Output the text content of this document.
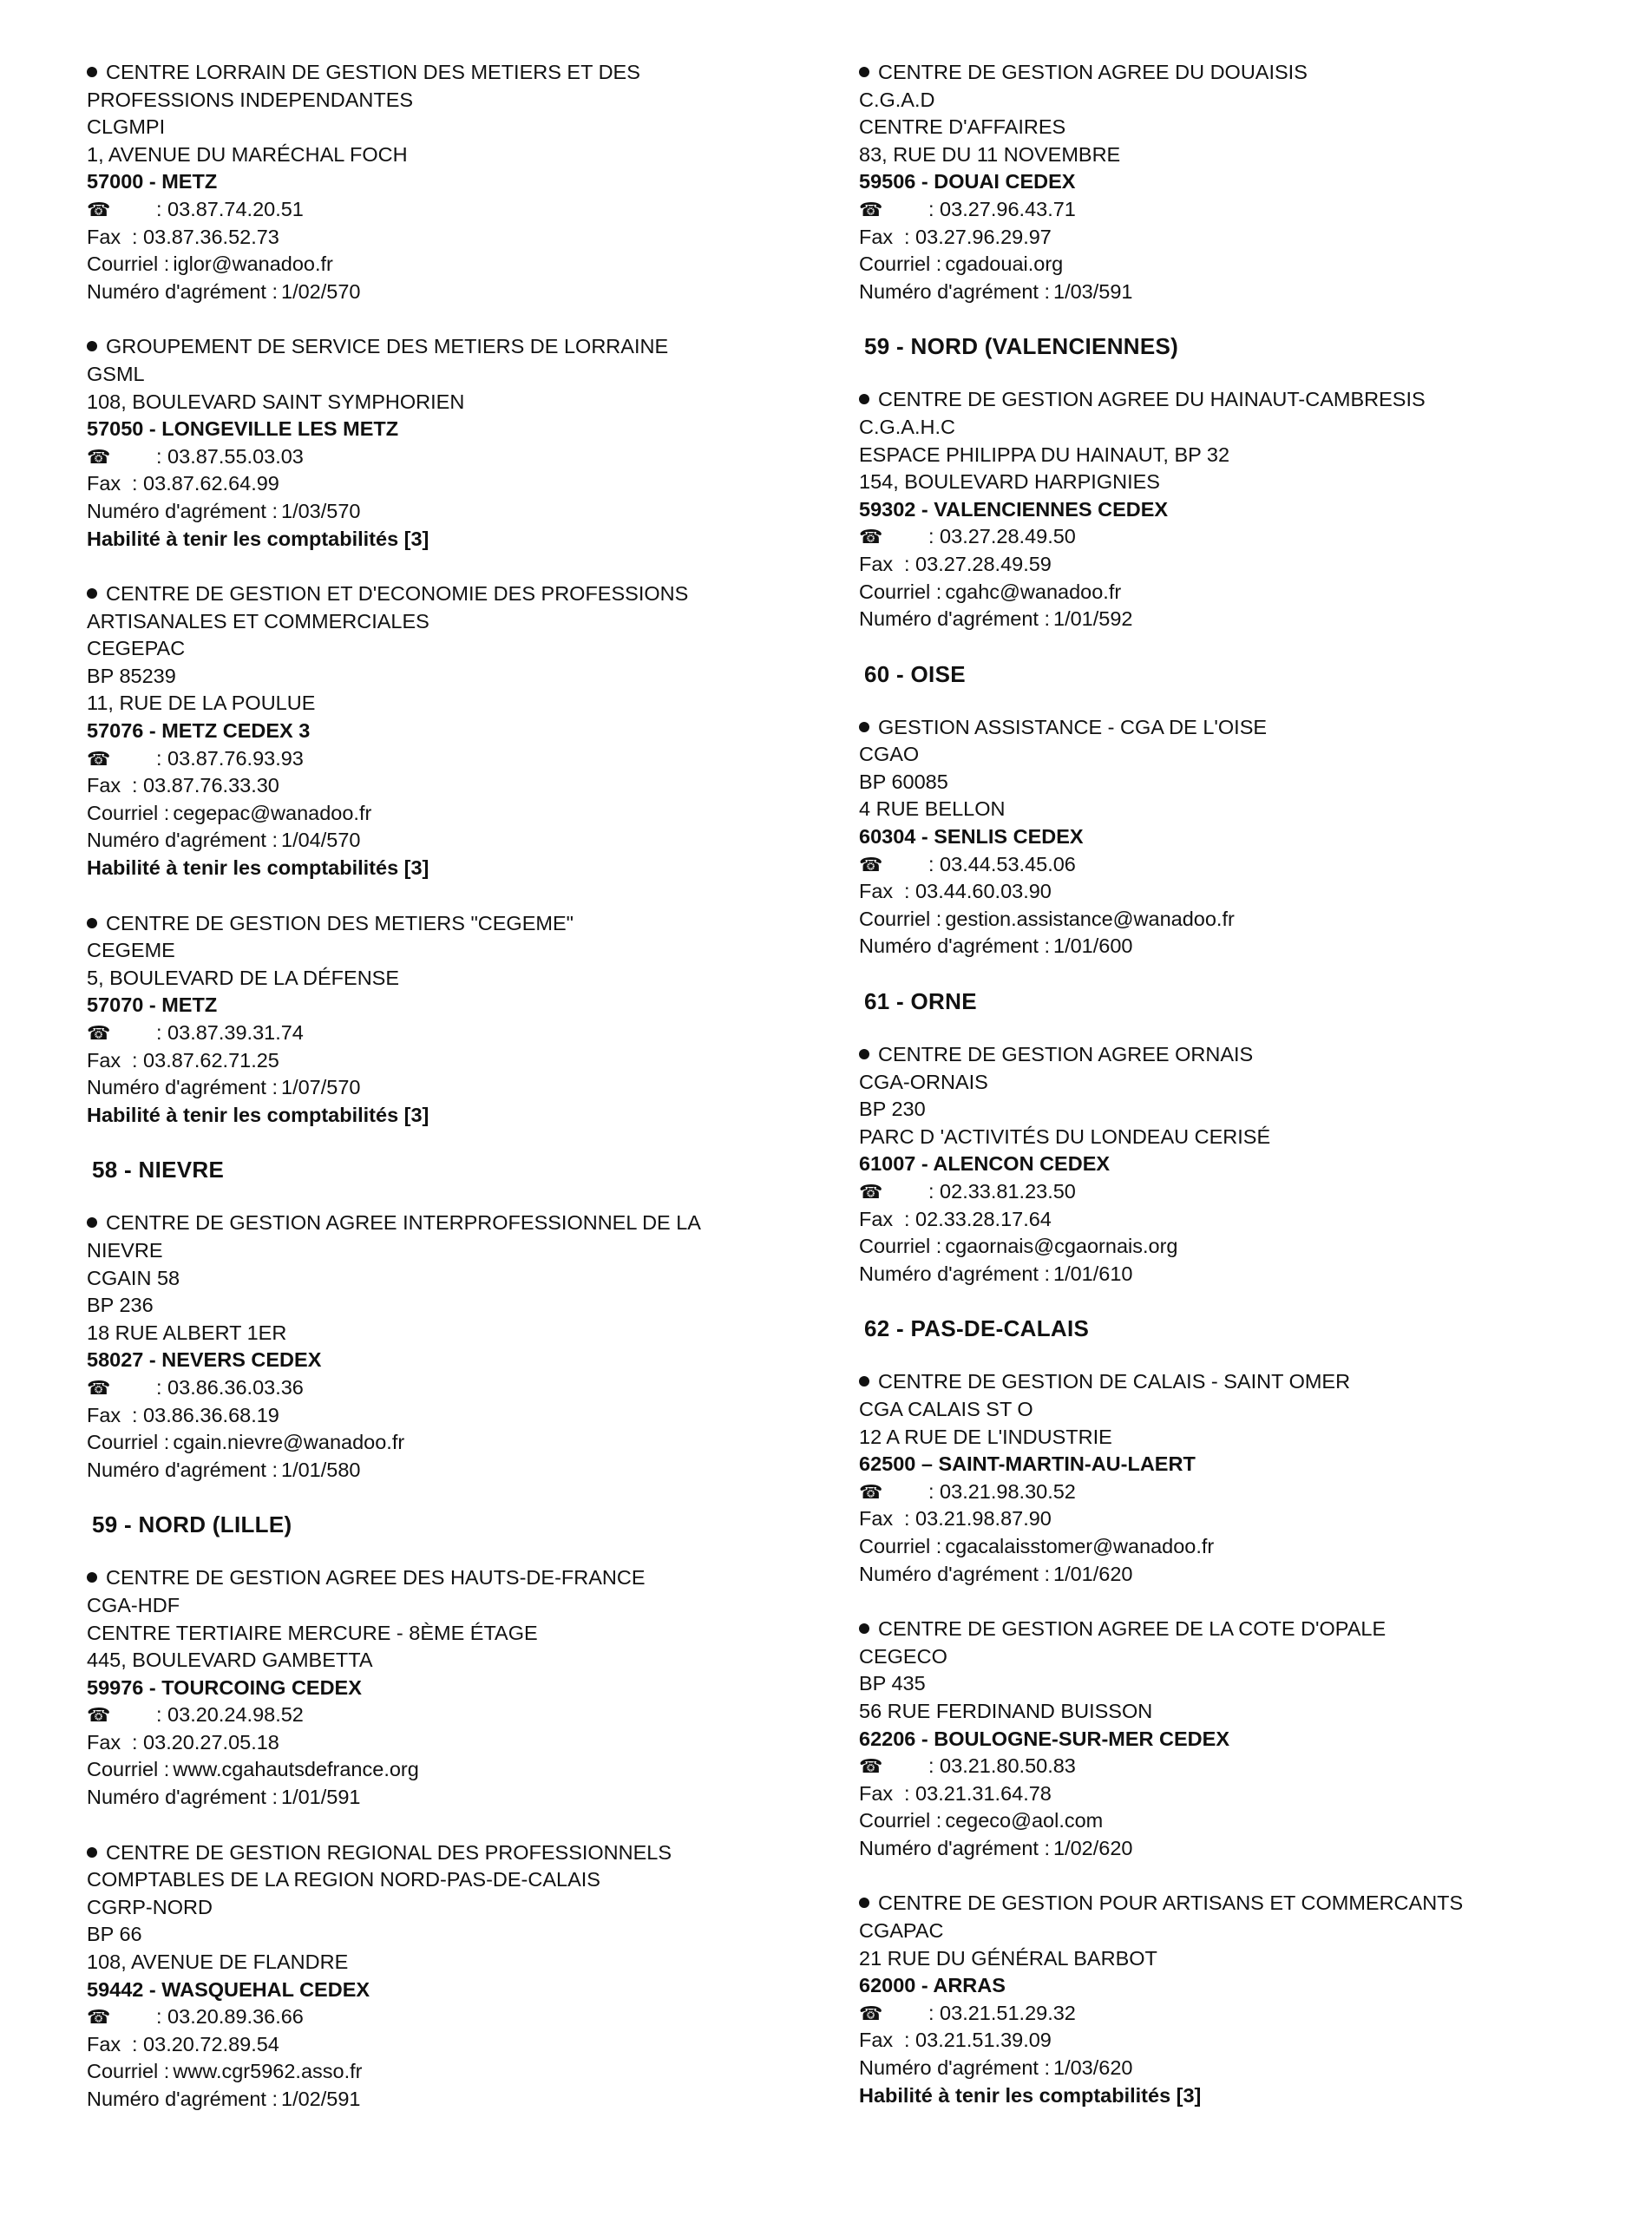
CENTRE LORRAIN DE GESTION DES METIERS ET DES
PROFESSIONS INDEPENDANTES
CLGMPI
1, AVENUE DU MARÉCHAL FOCH
57000 - METZ
☎ : 03.87.74.20.51
Fax : 03.87.36.52.73
Courriel : iglor@wanadoo.fr
Numéro d'agrément : 1/02/570
GROUPEMENT DE SERVICE DES METIERS DE LORRAINE
GSML
108, BOULEVARD SAINT SYMPHORIEN
57050 - LONGEVILLE LES METZ
☎ : 03.87.55.03.03
Fax : 03.87.62.64.99
Numéro d'agrément : 1/03/570
Habilité à tenir les comptabilités [3]
CENTRE DE GESTION ET D'ECONOMIE DES PROFESSIONS
ARTISANALES ET COMMERCIALES
CEGEPAC
BP 85239
11, RUE DE LA POULUE
57076 - METZ CEDEX 3
☎ : 03.87.76.93.93
Fax : 03.87.76.33.30
Courriel : cegepac@wanadoo.fr
Numéro d'agrément : 1/04/570
Habilité à tenir les comptabilités [3]
CENTRE DE GESTION DES METIERS "CEGEME"
CEGEME
5, BOULEVARD DE LA DÉFENSE
57070 - METZ
☎ : 03.87.39.31.74
Fax : 03.87.62.71.25
Numéro d'agrément : 1/07/570
Habilité à tenir les comptabilités [3]
58 - NIEVRE
CENTRE DE GESTION AGREE INTERPROFESSIONNEL DE LA
NIEVRE
CGAIN 58
BP 236
18 RUE ALBERT 1ER
58027 - NEVERS CEDEX
☎ : 03.86.36.03.36
Fax : 03.86.36.68.19
Courriel : cgain.nievre@wanadoo.fr
Numéro d'agrément : 1/01/580
59 - NORD (LILLE)
CENTRE DE GESTION AGREE DES HAUTS-DE-FRANCE
CGA-HDF
CENTRE TERTIAIRE MERCURE - 8ÈME ÉTAGE
445, BOULEVARD GAMBETTA
59976 - TOURCOING CEDEX
☎ : 03.20.24.98.52
Fax : 03.20.27.05.18
Courriel : www.cgahautsdefrance.org
Numéro d'agrément : 1/01/591
CENTRE DE GESTION REGIONAL DES PROFESSIONNELS
COMPTABLES DE LA REGION NORD-PAS-DE-CALAIS
CGRP-NORD
BP 66
108, AVENUE DE FLANDRE
59442 - WASQUEHAL CEDEX
☎ : 03.20.89.36.66
Fax : 03.20.72.89.54
Courriel : www.cgr5962.asso.fr
Numéro d'agrément : 1/02/591
CENTRE DE GESTION AGREE DU DOUAISIS
C.G.A.D
CENTRE D'AFFAIRES
83, RUE DU 11 NOVEMBRE
59506 - DOUAI CEDEX
☎ : 03.27.96.43.71
Fax : 03.27.96.29.97
Courriel : cgadouai.org
Numéro d'agrément : 1/03/591
59 - NORD (VALENCIENNES)
CENTRE DE GESTION AGREE DU HAINAUT-CAMBRESIS
C.G.A.H.C
ESPACE PHILIPPA DU HAINAUT, BP 32
154, BOULEVARD HARPIGNIES
59302 - VALENCIENNES CEDEX
☎ : 03.27.28.49.50
Fax : 03.27.28.49.59
Courriel : cgahc@wanadoo.fr
Numéro d'agrément : 1/01/592
60 - OISE
GESTION ASSISTANCE - CGA DE L'OISE
CGAO
BP 60085
4 RUE BELLON
60304 - SENLIS CEDEX
☎ : 03.44.53.45.06
Fax : 03.44.60.03.90
Courriel : gestion.assistance@wanadoo.fr
Numéro d'agrément : 1/01/600
61 - ORNE
CENTRE DE GESTION AGREE ORNAIS
CGA-ORNAIS
BP 230
PARC D 'ACTIVITÉS DU LONDEAU CERISÉ
61007 - ALENCON CEDEX
☎ : 02.33.81.23.50
Fax : 02.33.28.17.64
Courriel : cgaornais@cgaornais.org
Numéro d'agrément : 1/01/610
62 - PAS-DE-CALAIS
CENTRE DE GESTION DE CALAIS - SAINT OMER
CGA CALAIS ST O
12 A RUE DE L'INDUSTRIE
62500 – SAINT-MARTIN-AU-LAERT
☎ : 03.21.98.30.52
Fax : 03.21.98.87.90
Courriel : cgacalaisstomer@wanadoo.fr
Numéro d'agrément : 1/01/620
CENTRE DE GESTION AGREE DE LA COTE D'OPALE
CEGECO
BP 435
56 RUE FERDINAND BUISSON
62206 - BOULOGNE-SUR-MER CEDEX
☎ : 03.21.80.50.83
Fax : 03.21.31.64.78
Courriel : cegeco@aol.com
Numéro d'agrément : 1/02/620
CENTRE DE GESTION POUR ARTISANS ET COMMERCANTS
CGAPAC
21 RUE DU GÉNÉRAL BARBOT
62000 - ARRAS
☎ : 03.21.51.29.32
Fax : 03.21.51.39.09
Numéro d'agrément : 1/03/620
Habilité à tenir les comptabilités [3]
